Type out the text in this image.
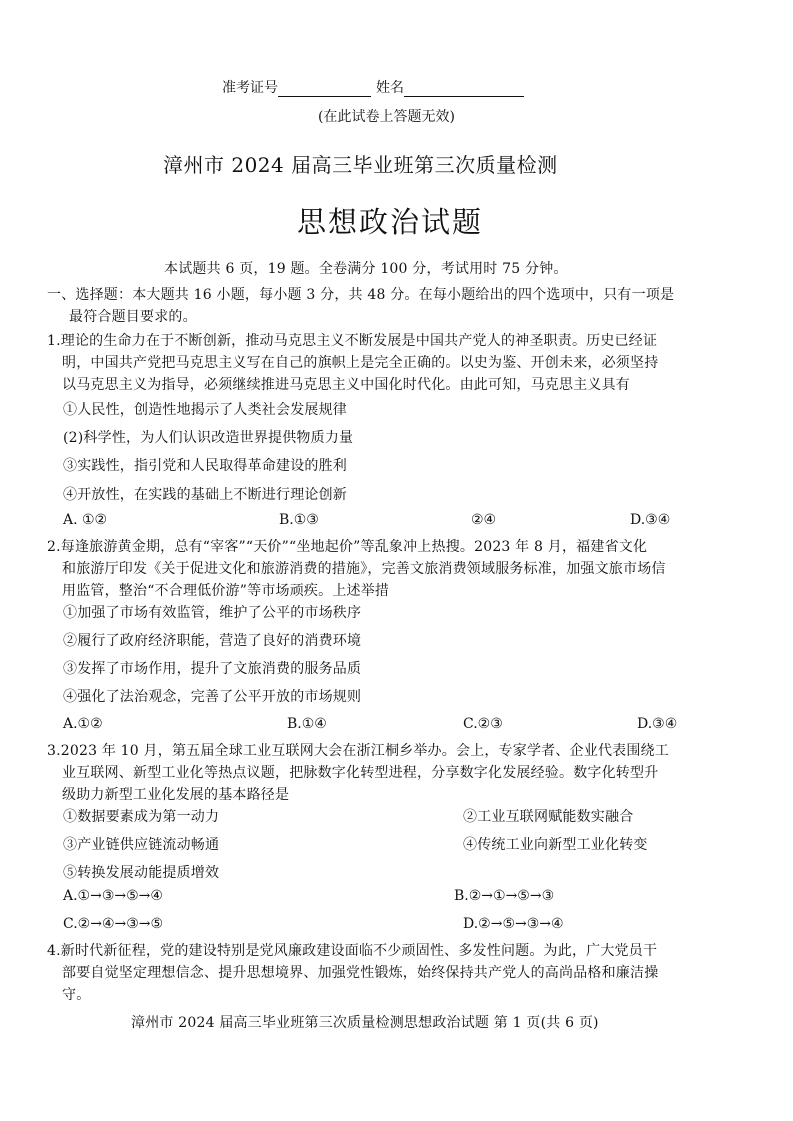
准考证号	姓名
(在此试卷上答题无效)
漳州市 2024 届高三毕业班第三次质量检测
思想政治试题
本试题共 6 页，19 题。全卷满分 100 分，考试用时 75 分钟。
一、选择题：本大题共 16 小题，每小题 3 分，共 48 分。在每小题给出的四个选项中，只有一项是
最符合题目要求的。
1.理论的生命力在于不断创新，推动马克思主义不断发展是中国共产党人的神圣职责。历史已经证
明，中国共产党把马克思主义写在自己的旗帜上是完全正确的。以史为鉴、开创未来，必须坚持
以马克思主义为指导，必须继续推进马克思主义中国化时代化。由此可知，马克思主义具有
①人民性，创造性地揭示了人类社会发展规律
(2)科学性，为人们认识改造世界提供物质力量
③实践性，指引党和人民取得革命建设的胜利
④开放性，在实践的基础上不断进行理论创新
A. ①②	B.①③	②④	D.③④
2.每逢旅游黄金期，总有“宰客”“天价”“坐地起价”等乱象冲上热搜。2023 年 8 月，福建省文化
和旅游厅印发《关于促进文化和旅游消费的措施》，完善文旅消费领域服务标准，加强文旅市场信
用监管，整治“不合理低价游”等市场顽疾。上述举措
①加强了市场有效监管，维护了公平的市场秩序
②履行了政府经济职能，营造了良好的消费环境
③发挥了市场作用，提升了文旅消费的服务品质
④强化了法治观念，完善了公平开放的市场规则
A.①②	B.①④	C.②③	D.③④
3.2023 年 10 月，第五届全球工业互联网大会在浙江桐乡举办。会上，专家学者、企业代表围绕工
业互联网、新型工业化等热点议题，把脉数字化转型进程，分享数字化发展经验。数字化转型升
级助力新型工业化发展的基本路径是
①数据要素成为第一动力	②工业互联网赋能数实融合
③产业链供应链流动畅通	④传统工业向新型工业化转变
⑤转换发展动能提质增效
A.①→③→⑤→④	B.②→①→⑤→③
C.②→④→③→⑤	D.②→⑤→③→④
4.新时代新征程，党的建设特别是党风廉政建设面临不少顽固性、多发性问题。为此，广大党员干
部要自觉坚定理想信念、提升思想境界、加强党性锻炼，始终保持共产党人的高尚品格和廉洁操
守。
漳州市 2024 届高三毕业班第三次质量检测思想政治试题 第 1 页(共 6 页)
